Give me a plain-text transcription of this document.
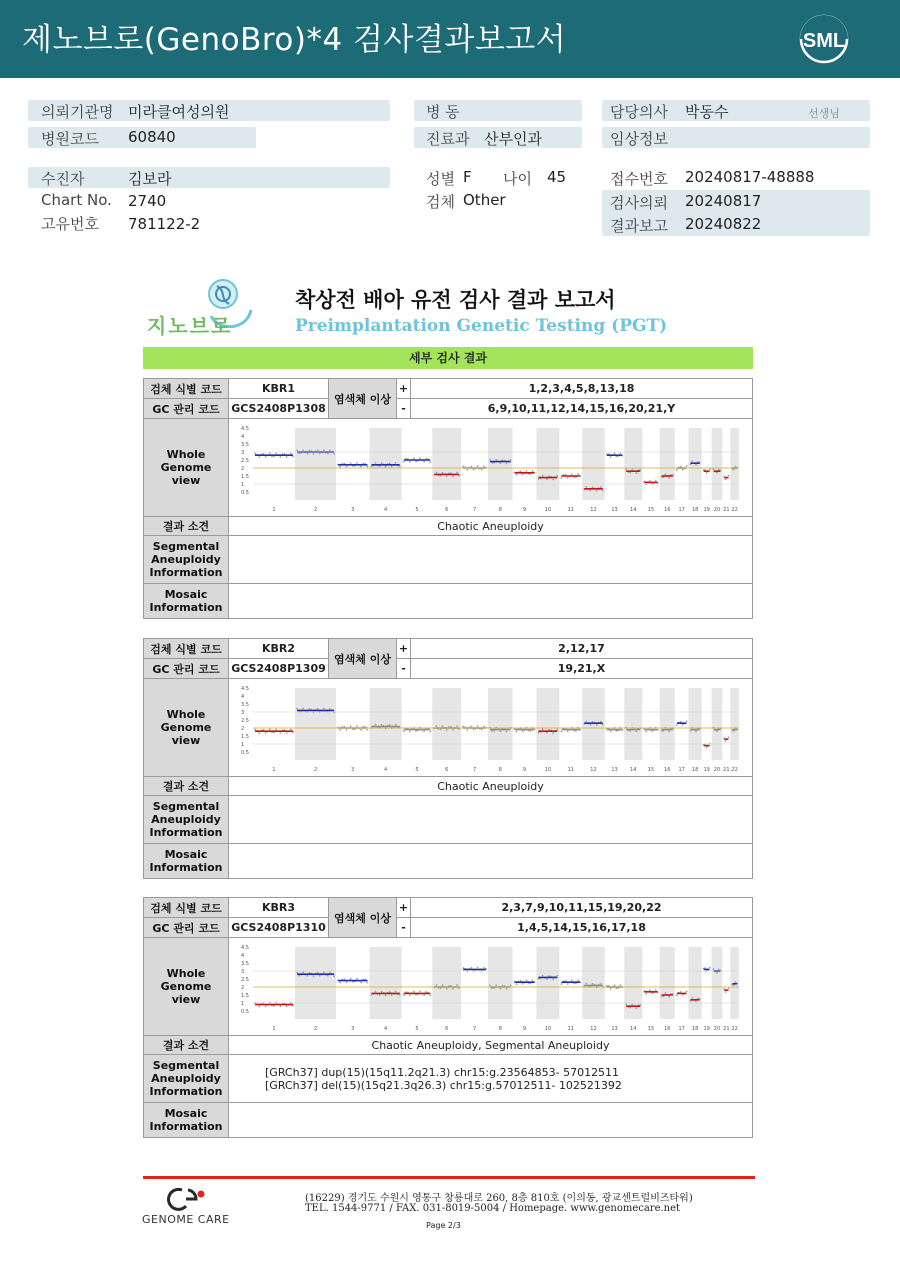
제노브로(GenoBro)*4 검사결과보고서	SML
의뢰기관명 미라클여성의원
병원코드 60840
병 동
진료과 산부인과
담당의사 박동수	선생님
임상정보
수진자	김보라
Chart No. 2740
고유번호 781122-2
성별 F 나이 45
검체 Other
접수번호 20240817-48888
검사의뢰 20240817
결과보고 20240822
지노브로
착상전 배아 유전 검사 결과 보고서
Preimplantation Genetic Testing (PGT)
세부 검사 결과
검체 식별 코드	KBR1	+	1,2,3,4,5,8,13,18
GC 관리 코드	GCS2408P1308	-	6,9,10,11,12,14,15,16,20,21,Y
염색체 이상
Whole
Genome
view
4.5
4
3.5
3
2.5
2
1.5
1
0.5
1	2	3	4	5	6	7	8	9	10	11	12	13 14 15 16 17 18 19 20 21 22
결과 소견	Chaotic Aneuploidy
Segmental
Aneuploidy
Information
Mosaic
Information
검체 식별 코드	KBR2	+	2,12,17
GC 관리 코드	GCS2408P1309	-	19,21,X
염색체 이상
Whole
Genome
view
4.5
4
3.5
3
2.5
2
1.5
1
0.5
1	2	3	4	5	6	7	8	9	10	11	12	13 14 15 16 17 18 19 20 21 22
결과 소견	Chaotic Aneuploidy
Segmental
Aneuploidy
Information
Mosaic
Information
검체 식별 코드	KBR3	+	2,3,7,9,10,11,15,19,20,22
GC 관리 코드	GCS2408P1310	-	1,4,5,14,15,16,17,18
염색체 이상
Whole
Genome
view
4.5
4
3.5
3
2.5
2
1.5
1
0.5
1	2	3	4	5	6	7	8	9	10	11	12	13 14 15 16 17 18 19 20 21 22
결과 소견	Chaotic Aneuploidy, Segmental Aneuploidy
Segmental
Aneuploidy
Information
[GRCh37] dup(15)(15q11.2q21.3) chr15:g.23564853- 57012511
[GRCh37] del(15)(15q21.3q26.3) chr15:g.57012511- 102521392
Mosaic
Information
GENOME CARE
(16229) 경기도 수원시 영통구 창룡대로 260, 8층 810호 (이의동, 광교센트럴비즈타워)
TEL. 1544-9771 / FAX. 031-8019-5004 / Homepage. www.genomecare.net
Page 2/3
